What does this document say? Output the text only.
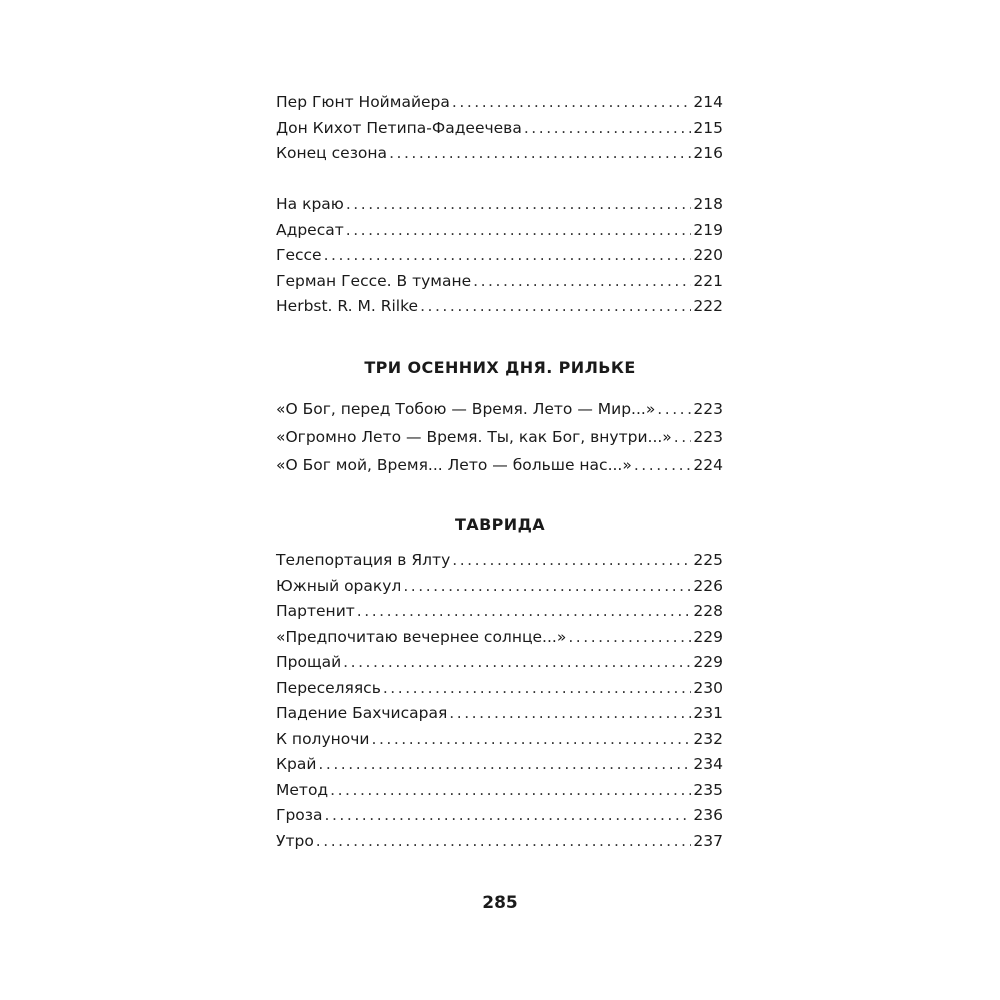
Пер Гюнт Ноймайера . . .	214
Дон Кихот Петипа-Фадеечева . . .	215
Конец сезона . . .	216
На краю . . .	218
Адресат . . .	219
Гессе . . .	220
Герман Гессе. В тумане . . .	221
Herbst. R. M. Rilke . . .	222
ТРИ ОСЕННИХ ДНЯ. РИЛЬКЕ
«О Бог, перед Тобою — Время. Лето — Мир...» . . . 223
«Огромно Лето — Время. Ты, как Бог, внутри...» . . . 223
«О Бог мой, Время... Лето — больше нас...» . . .	224
ТАВРИДА
Телепортация в Ялту . . .	225
Южный оракул . . .	226
Партенит . . .	228
«Предпочитаю вечернее солнце...» . . .	229
Прощай . . .	229
Переселяясь . . .	230
Падение Бахчисарая . . .	231
К полуночи . . .	232
Край . . .	234
Метод . . .	235
Гроза . . .	236
Утро . . .	237
285
